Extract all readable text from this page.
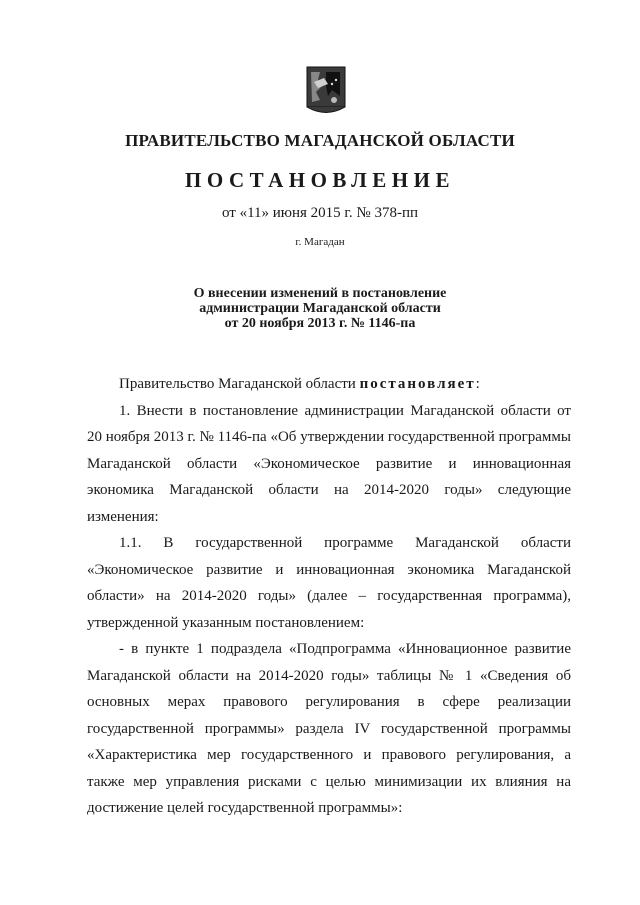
ПРАВИТЕЛЬСТВО МАГАДАНСКОЙ ОБЛАСТИ
ПОСТАНОВЛЕНИЕ
от «11» июня 2015 г. № 378-пп
г. Магадан
О внесении изменений в постановление
администрации Магаданской области
от 20 ноября 2013 г. № 1146-па
Правительство Магаданской области постановляет:
1. Внести в постановление администрации Магаданской области от 20 ноября 2013 г. № 1146-па «Об утверждении государственной программы Магаданской области «Экономическое развитие и инновационная экономика Магаданской области на 2014-2020 годы» следующие изменения:
1.1. В государственной программе Магаданской области «Экономическое развитие и инновационная экономика Магаданской области» на 2014-2020 годы» (далее – государственная программа), утвержденной указанным постановлением:
- в пункте 1 подраздела «Подпрограмма «Инновационное развитие Магаданской области на 2014-2020 годы» таблицы № 1 «Сведения об основных мерах правового регулирования в сфере реализации государственной программы» раздела IV государственной программы «Характеристика мер государственного и правового регулирования, а также мер управления рисками с целью минимизации их влияния на достижение целей государственной программы»:
